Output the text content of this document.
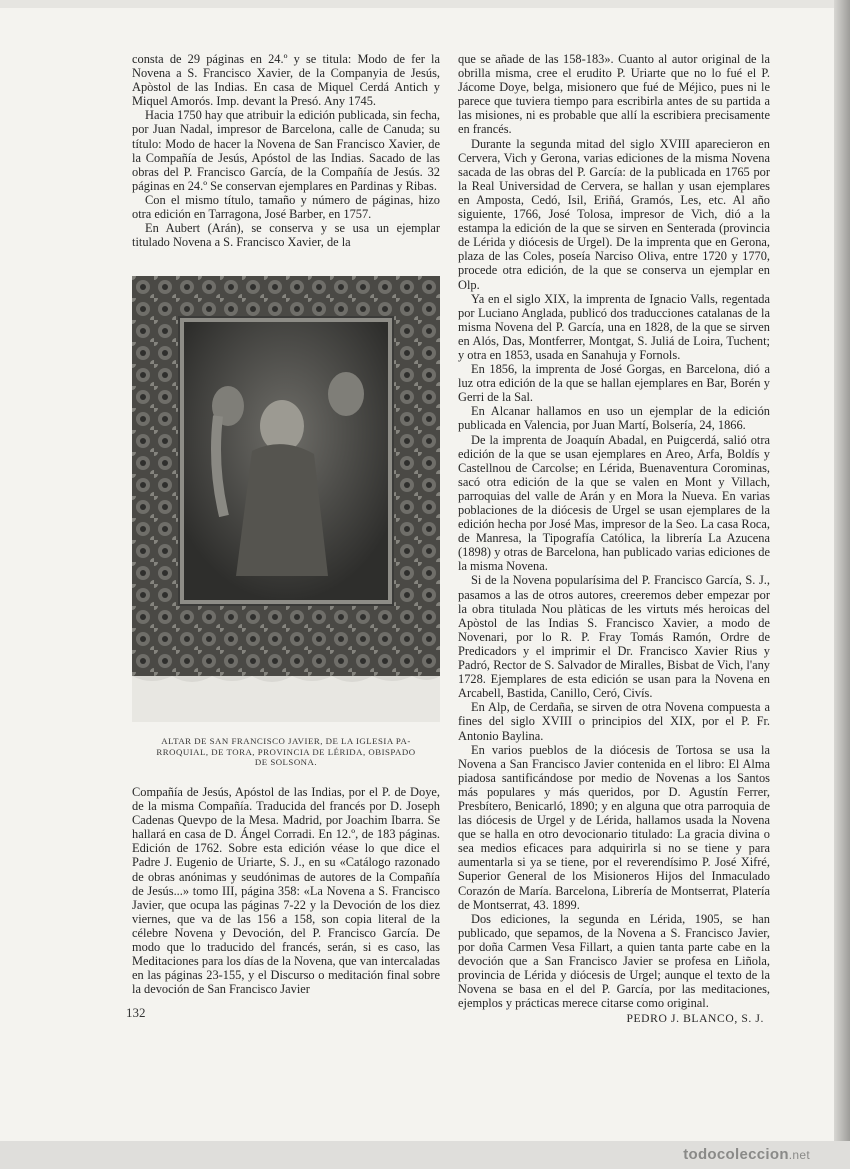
consta de 29 páginas en 24.º y se titula: Modo de fer la Novena a S. Francisco Xavier, de la Companyia de Jesús, Apòstol de las Indias. En casa de Miquel Cerdá Antich y Miquel Amorós. Imp. devant la Presó. Any 1745.

Hacia 1750 hay que atribuir la edición publicada, sin fecha, por Juan Nadal, impresor de Barcelona, calle de Canuda; su título: Modo de hacer la Novena de San Francisco Xavier, de la Compañía de Jesús, Apóstol de las Indias. Sacado de las obras del P. Francisco García, de la Compañía de Jesús. 32 páginas en 24.º Se conservan ejemplares en Pardinas y Ribas.

Con el mismo título, tamaño y número de páginas, hizo otra edición en Tarragona, José Barber, en 1757.

En Aubert (Arán), se conserva y se usa un ejemplar titulado Novena a S. Francisco Xavier, de la

ALTAR DE SAN FRANCISCO JAVIER, DE LA IGLESIA PA-
RROQUIAL, DE TORA, PROVINCIA DE LÉRIDA, OBISPADO
DE SOLSONA.

Compañía de Jesús, Apóstol de las Indias, por el P. de Doye, de la misma Compañía. Traducida del francés por D. Joseph Cadenas Quevpo de la Mesa. Madrid, por Joachim Ibarra. Se hallará en casa de D. Ángel Corradi. En 12.º, de 183 páginas. Edición de 1762. Sobre esta edición véase lo que dice el Padre J. Eugenio de Uriarte, S. J., en su «Catálogo razonado de obras anónimas y seudónimas de autores de la Compañía de Jesús...» tomo III, página 358: «La Novena a S. Francisco Javier, que ocupa las páginas 7-22 y la Devoción de los diez viernes, que va de las 156 a 158, son copia literal de la célebre Novena y Devoción, del P. Francisco García. De modo que lo traducido del francés, serán, si es caso, las Meditaciones para los días de la Novena, que van intercaladas en las páginas 23-155, y el Discurso o meditación final sobre la devoción de San Francisco Javier

que se añade de las 158-183». Cuanto al autor original de la obrilla misma, cree el erudito P. Uriarte que no lo fué el P. Jácome Doye, belga, misionero que fué de Méjico, pues ni le parece que tuviera tiempo para escribirla antes de su partida a las misiones, ni es probable que allí la escribiera precisamente en francés.

Durante la segunda mitad del siglo XVIII aparecieron en Cervera, Vich y Gerona, varias ediciones de la misma Novena sacada de las obras del P. García: de la publicada en 1765 por la Real Universidad de Cervera, se hallan y usan ejemplares en Amposta, Cedó, Isil, Eriñá, Gramós, Les, etc. Al año siguiente, 1766, José Tolosa, impresor de Vich, dió a la estampa la edición de la que se sirven en Senterada (provincia de Lérida y diócesis de Urgel). De la imprenta que en Gerona, plaza de las Coles, poseía Narciso Oliva, entre 1720 y 1770, procede otra edición, de la que se conserva un ejemplar en Olp.

Ya en el siglo XIX, la imprenta de Ignacio Valls, regentada por Luciano Anglada, publicó dos traducciones catalanas de la misma Novena del P. García, una en 1828, de la que se sirven en Alós, Das, Montferrer, Montgat, S. Juliá de Loira, Tuchent; y otra en 1853, usada en Sanahuja y Fornols.

En 1856, la imprenta de José Gorgas, en Barcelona, dió a luz otra edición de la que se hallan ejemplares en Bar, Borén y Gerri de la Sal.

En Alcanar hallamos en uso un ejemplar de la edición publicada en Valencia, por Juan Martí, Bolsería, 24, 1866.

De la imprenta de Joaquín Abadal, en Puigcerdá, salió otra edición de la que se usan ejemplares en Areo, Arfa, Boldís y Castellnou de Carcolse; en Lérida, Buenaventura Corominas, sacó otra edición de la que se valen en Mont y Villach, parroquias del valle de Arán y en Mora la Nueva. En varias poblaciones de la diócesis de Urgel se usan ejemplares de la edición hecha por José Mas, impresor de la Seo. La casa Roca, de Manresa, la Tipografía Católica, la librería La Azucena (1898) y otras de Barcelona, han publicado varias ediciones de la misma Novena.

Si de la Novena popularísima del P. Francisco García, S. J., pasamos a las de otros autores, creeremos deber empezar por la obra titulada Nou plàticas de les virtuts més heroicas del Apòstol de las Indias S. Francisco Xavier, a modo de Novenari, por lo R. P. Fray Tomás Ramón, Ordre de Predicadors y el imprimir el Dr. Francisco Xavier Rius y Padró, Rector de S. Salvador de Miralles, Bisbat de Vich, l'any 1728. Ejemplares de esta edición se usan para la Novena en Arcabell, Bastida, Canillo, Ceró, Civís.

En Alp, de Cerdaña, se sirven de otra Novena compuesta a fines del siglo XVIII o principios del XIX, por el P. Fr. Antonio Baylina.

En varios pueblos de la diócesis de Tortosa se usa la Novena a San Francisco Javier contenida en el libro: El Alma piadosa santificándose por medio de Novenas a los Santos más populares y más queridos, por D. Agustín Ferrer, Presbítero, Benicarló, 1890; y en alguna que otra parroquia de las diócesis de Urgel y de Lérida, hallamos usada la Novena que se halla en otro devocionario titulado: La gracia divina o sea medios eficaces para adquirirla si no se tiene y para aumentarla si ya se tiene, por el reverendísimo P. José Xifré, Superior General de los Misioneros Hijos del Inmaculado Corazón de María. Barcelona, Librería de Montserrat, Platería de Montserrat, 43. 1899.

Dos ediciones, la segunda en Lérida, 1905, se han publicado, que sepamos, de la Novena a S. Francisco Javier, por doña Carmen Vesa Fillart, a quien tanta parte cabe en la devoción que a San Francisco Javier se profesa en Liñola, provincia de Lérida y diócesis de Urgel; aunque el texto de la Novena se basa en el del P. García, por las meditaciones, ejemplos y prácticas merece citarse como original.

PEDRO J. BLANCO, S. J.
132
todocoleccion.net
